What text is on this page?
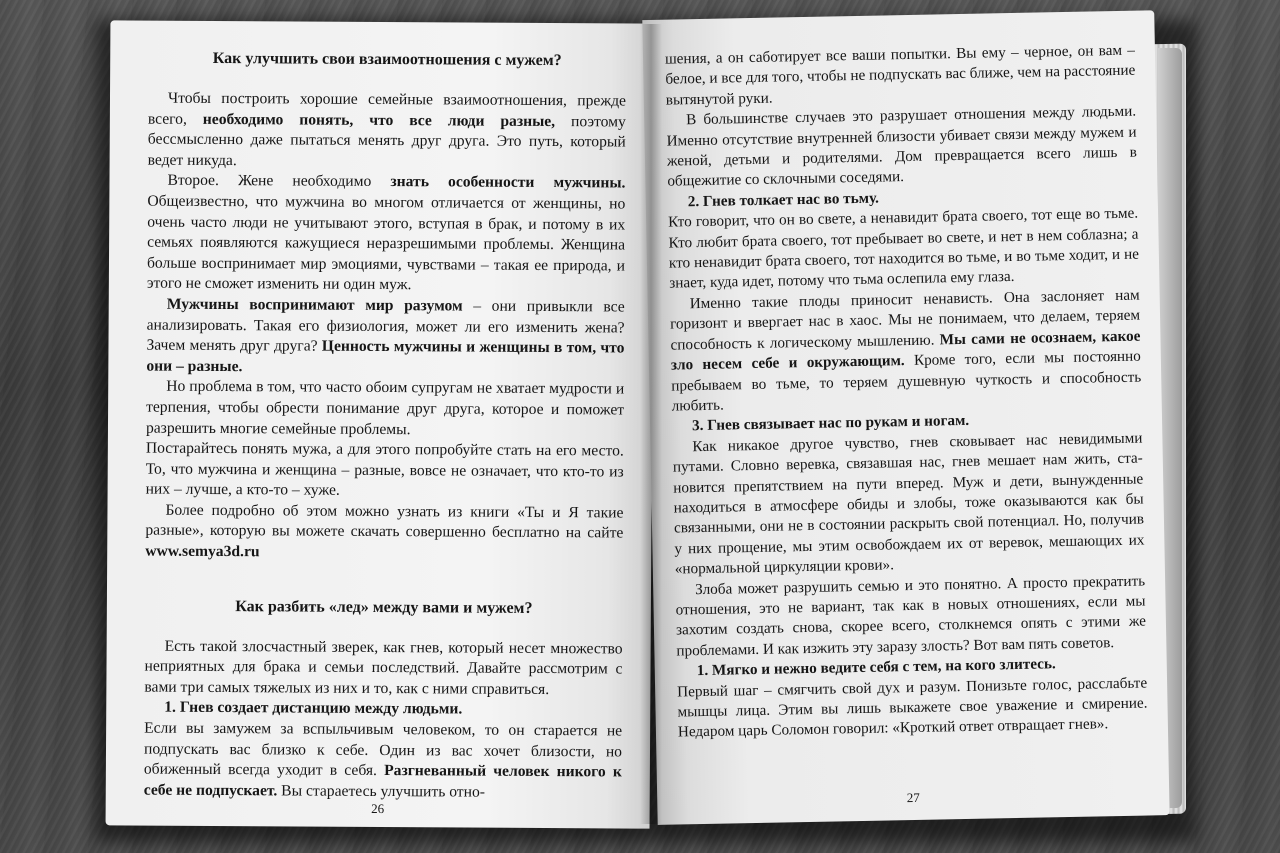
Как улучшить свои взаимоотношения с мужем?

Чтобы построить хорошие семейные взаимоотношения, прежде всего, необходимо понять, что все люди разные, поэтому бессмысленно даже пытаться менять друг друга. Это путь, который ведет никуда.

Второе. Жене необходимо знать особенности мужчины. Общеизвестно, что мужчина во многом отличается от женщины, но очень часто люди не учитывают этого, вступая в брак, и потому в их семьях появляются кажущиеся неразрешимыми проблемы. Женщина больше воспринимает мир эмоциями, чувствами – такая ее природа, и этого не сможет изменить ни один муж.

Мужчины воспринимают мир разумом – они привыкли все анализировать. Такая его физиология, может ли его изменить жена? Зачем менять друг друга? Ценность мужчины и женщины в том, что они – разные.

Но проблема в том, что часто обоим супругам не хватает мудрости и терпения, чтобы обрести понимание друг друга, которое и поможет разрешить многие семейные проблемы.

Постарайтесь понять мужа, а для этого попробуйте стать на его место. То, что мужчина и женщина – разные, вовсе не означает, что кто-то из них – лучше, а кто-то – хуже.

Более подробно об этом можно узнать из книги «Ты и Я такие разные», которую вы можете скачать совершенно бесплатно на сайте www.semya3d.ru

Как разбить «лед» между вами и мужем?

Есть такой злосчастный зверек, как гнев, который несет множество неприятных для брака и семьи последствий. Давайте рассмотрим с вами три самых тяжелых из них и то, как с ними справиться.

1. Гнев создает дистанцию между людьми.

Если вы замужем за вспыльчивым человеком, то он старается не подпускать вас близко к себе. Один из вас хочет близости, но обиженный всегда уходит в себя. Разгневанный человек никого к себе не подпускает. Вы стараетесь улучшить отно-

26

шения, а он саботирует все ваши попытки. Вы ему – черное, он вам – белое, и все для того, чтобы не подпускать вас ближе, чем на расстояние вытянутой руки.

В большинстве случаев это разрушает отношения между людьми. Именно отсутствие внутренней близости убивает связи между мужем и женой, детьми и родителями. Дом превращается всего лишь в общежитие со склочными соседями.

2. Гнев толкает нас во тьму.

Кто говорит, что он во свете, а ненавидит брата своего, тот еще во тьме. Кто любит брата своего, тот пребывает во свете, и нет в нем соблазна; а кто ненавидит брата своего, тот находится во тьме, и во тьме ходит, и не знает, куда идет, потому что тьма ослепила ему глаза.

Именно такие плоды приносит ненависть. Она заслоняет нам горизонт и ввергает нас в хаос. Мы не понимаем, что делаем, теряем способность к логическому мышлению. Мы сами не осознаем, какое зло несем себе и окружающим. Кроме того, если мы постоянно пребываем во тьме, то теряем душевную чуткость и способность любить.

3. Гнев связывает нас по рукам и ногам.

Как никакое другое чувство, гнев сковывает нас невидимыми путами. Словно веревка, связавшая нас, гнев мешает нам жить, ста-новится препятствием на пути вперед. Муж и дети, вынужденные находиться в атмосфере обиды и злобы, тоже оказываются как бы связанными, они не в состоянии раскрыть свой потенциал. Но, получив у них прощение, мы этим освобождаем их от веревок, мешающих их «нормальной циркуляции крови».

Злоба может разрушить семью и это понятно. А просто прекратить отношения, это не вариант, так как в новых отношениях, если мы захотим создать снова, скорее всего, столкнемся опять с этими же проблемами. И как изжить эту заразу злость? Вот вам пять советов.

1. Мягко и нежно ведите себя с тем, на кого злитесь.

Первый шаг – смягчить свой дух и разум. Понизьте голос, расслабьте мышцы лица. Этим вы лишь выкажете свое уважение и смирение. Недаром царь Соломон говорил: «Кроткий ответ отвращает гнев».

27
